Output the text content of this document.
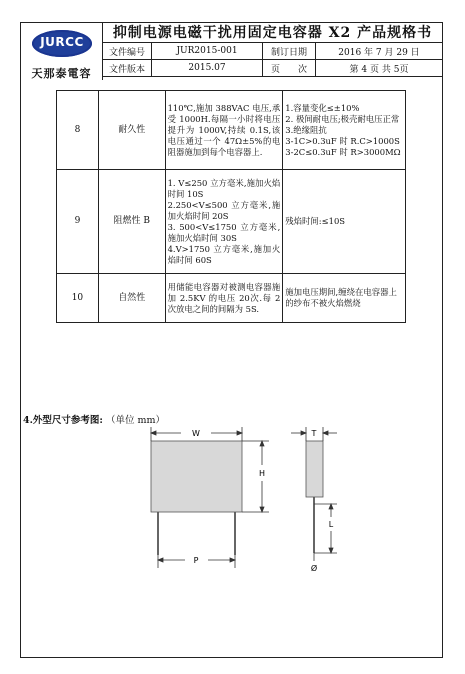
JURCC
天那泰電容
抑制电源电磁干扰用固定电容器 X2 产品规格书
文件编号	JUR2015-001	制订日期	2016 年 7 月 29 日
文件版本	2015.07	页　　次	第 4 页 共 5页
8	耐久性	110℃,施加 388VAC 电压,承受 1000H.每隔一小时将电压提升为 1000V,持续 0.1S,该电压通过一个 47Ω±5%的电阻器施加到每个电容器上.	1.容量变化≤±10%
2. 极间耐电压;极壳耐电压正常
3.绝缘阻抗
3-1C>0.3uF 时 R.C>1000S
3-2C≤0.3uF 时 R>3000MΩ

9	阻燃性 B	1. V≤250 立方毫米,施加火焰时间 10S
2.250<V≤500 立方毫米,施加火焰时间 20S
3. 500<V≤1750 立方毫米,施加火焰时间 30S
4.V>1750 立方毫米,施加火焰时间 60S	残焰时间:≤10S
10	自然性	用储能电容器对被测电容器施加 2.5KV 的电压 20次.每 2 次放电之间的间隔为 5S.	施加电压期间,缠绕在电容器上的纱布不被火焰燃烧
4.外型尺寸参考图: （单位 mm）
W
H
P
T
L
Ø
